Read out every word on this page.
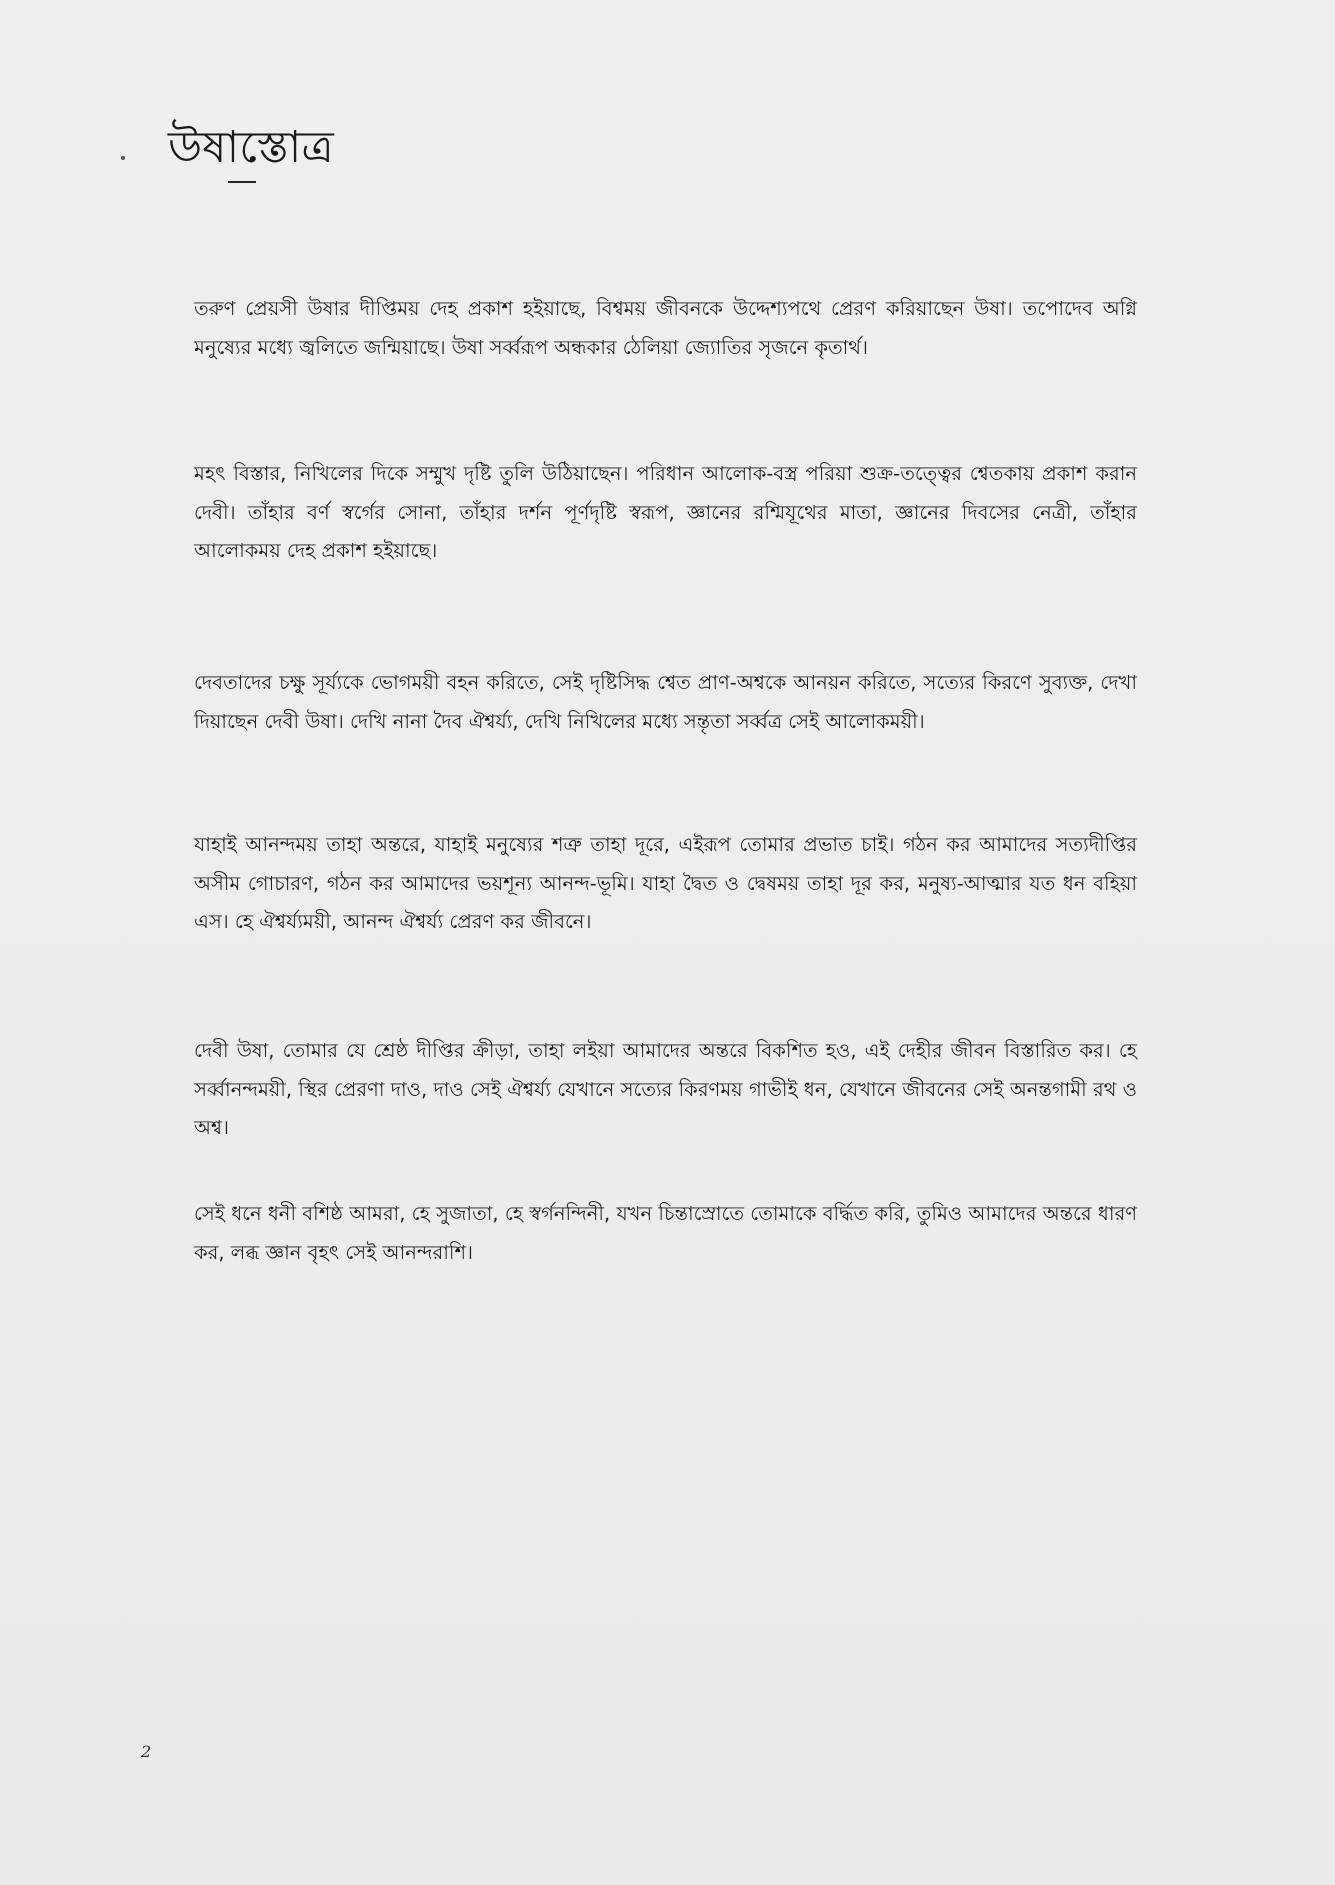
উষাস্তোত্র

তরুণ প্রেয়সী উষার দীপ্তিময় দেহ প্রকাশ হইয়াছে, বিশ্বময় জীবনকে উদ্দেশ্যপথে প্রেরণ করিয়াছেন উষা। তপোদেব অগ্নি মনুষ্যের মধ্যে জ্বলিতে জন্মিয়াছে। উষা সর্ব্বরূপ অন্ধকার ঠেলিয়া জ্যোতির সৃজনে কৃতার্থ।

মহৎ বিস্তার, নিখিলের দিকে সম্মুখ দৃষ্টি তুলি উঠিয়াছেন। পরিধান আলোক-বস্ত্র পরিয়া শুক্র-তত্ত্বের শ্বেতকায় প্রকাশ করান দেবী। তাঁহার বর্ণ স্বর্গের সোনা, তাঁহার দর্শন পূর্ণদৃষ্টি স্বরূপ, জ্ঞানের রশ্মিযূথের মাতা, জ্ঞানের দিবসের নেত্রী, তাঁহার আলোকময় দেহ প্রকাশ হইয়াছে।

দেবতাদের চক্ষু সূর্য্যকে ভোগময়ী বহন করিতে, সেই দৃষ্টিসিদ্ধ শ্বেত প্রাণ-অশ্বকে আনয়ন করিতে, সত্যের কিরণে সুব্যক্ত, দেখা দিয়াছেন দেবী উষা। দেখি নানা দৈব ঐশ্বর্য্য, দেখি নিখিলের মধ্যে সন্তৃতা সর্ব্বত্র সেই আলোকময়ী।

যাহাই আনন্দময় তাহা অন্তরে, যাহাই মনুষ্যের শত্রু তাহা দূরে, এইরূপ তোমার প্রভাত চাই। গঠন কর আমাদের সত্যদীপ্তির অসীম গোচারণ, গঠন কর আমাদের ভয়শূন্য আনন্দ-ভূমি। যাহা দ্বৈত ও দ্বেষময় তাহা দূর কর, মনুষ্য-আত্মার যত ধন বহিয়া এস। হে ঐশ্বর্য্যময়ী, আনন্দ ঐশ্বর্য্য প্রেরণ কর জীবনে।

দেবী উষা, তোমার যে শ্রেষ্ঠ দীপ্তির ক্রীড়া, তাহা লইয়া আমাদের অন্তরে বিকশিত হও, এই দেহীর জীবন বিস্তারিত কর। হে সর্ব্বানন্দময়ী, স্থির প্রেরণা দাও, দাও সেই ঐশ্বর্য্য যেখানে সত্যের কিরণময় গাভীই ধন, যেখানে জীবনের সেই অনন্তগামী রথ ও অশ্ব।

সেই ধনে ধনী বশিষ্ঠ আমরা, হে সুজাতা, হে স্বর্গনন্দিনী, যখন চিন্তাস্রোতে তোমাকে বৰ্দ্ধিত করি, তুমিও আমাদের অন্তরে ধারণ কর, লব্ধ জ্ঞান বৃহৎ সেই আনন্দরাশি।

2
